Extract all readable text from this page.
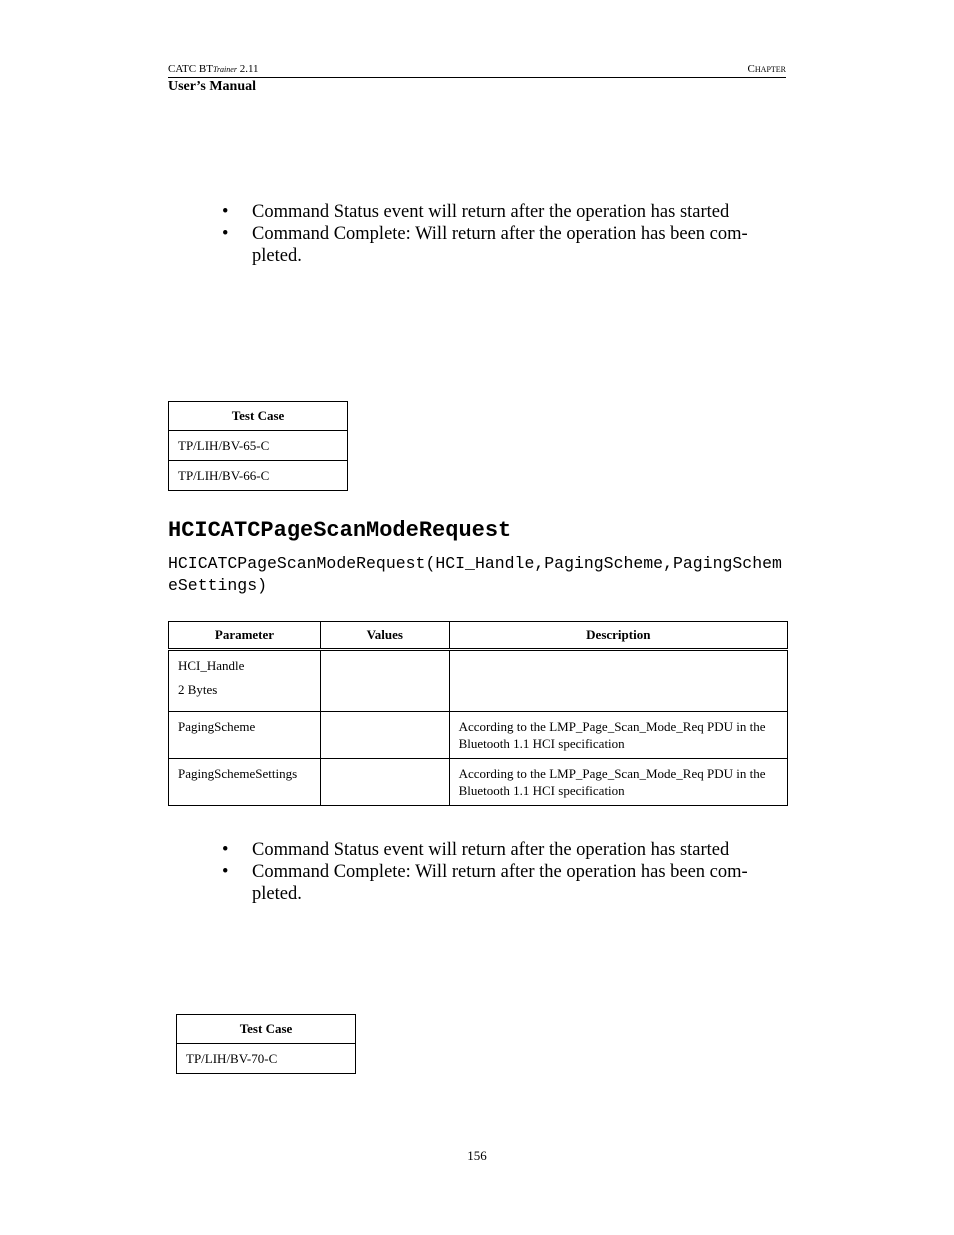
CATC BTTrainer 2.11	Chapter
User’s Manual
•	Command Status event will return after the operation has started
•	Command Complete: Will return after the operation has been com-pleted.
Test Case
TP/LIH/BV-65-C
TP/LIH/BV-66-C
HCICATCPageScanModeRequest
HCICATCPageScanModeRequest(HCI_Handle,PagingScheme,PagingSchemeSettings)
Parameter	Values	Description

HCI_Handle
2 Bytes		

PagingScheme		According to the LMP_Page_Scan_Mode_Req PDU in the Bluetooth 1.1 HCI specification
PagingSchemeSettings		According to the LMP_Page_Scan_Mode_Req PDU in the Bluetooth 1.1 HCI specification
•	Command Status event will return after the operation has started
•	Command Complete: Will return after the operation has been com-pleted.
Test Case
TP/LIH/BV-70-C
156
